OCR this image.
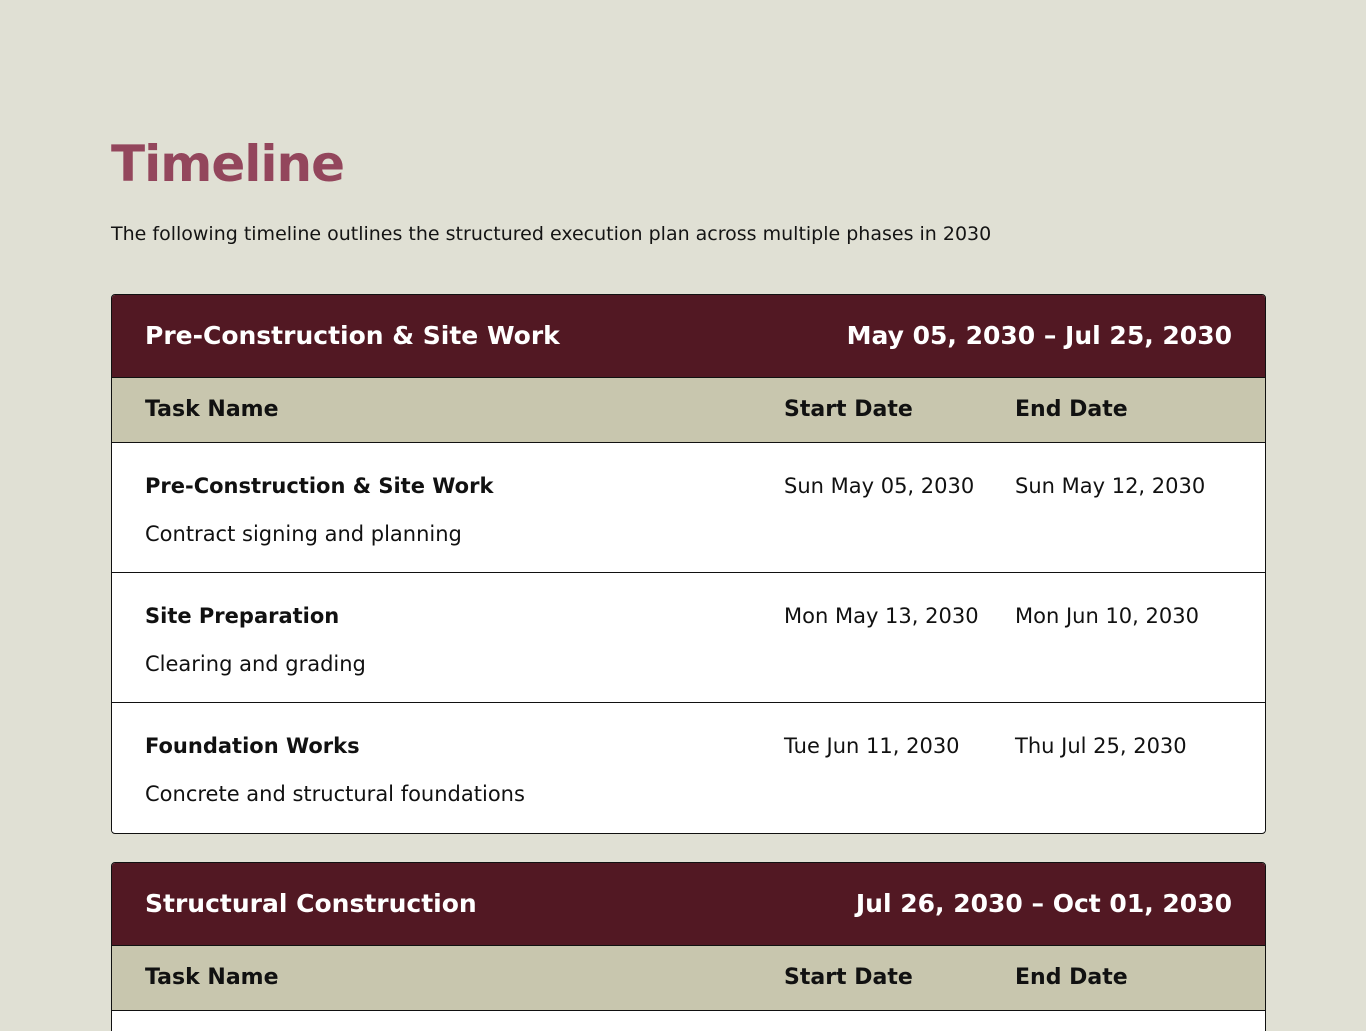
Timeline

The following timeline outlines the structured execution plan across multiple phases in 2030

Pre-Construction & Site Work	May 05, 2030 – Jul 25, 2030
Task Name	Start Date	End Date
Pre-Construction & Site Work
Contract signing and planning
Sun May 05, 2030 Sun May 12, 2030
Site Preparation
Clearing and grading
Mon May 13, 2030 Mon Jun 10, 2030
Foundation Works
Concrete and structural foundations
Tue Jun 11, 2030	Thu Jul 25, 2030
Structural Construction	Jul 26, 2030 – Oct 01, 2030
Task Name	Start Date	End Date
